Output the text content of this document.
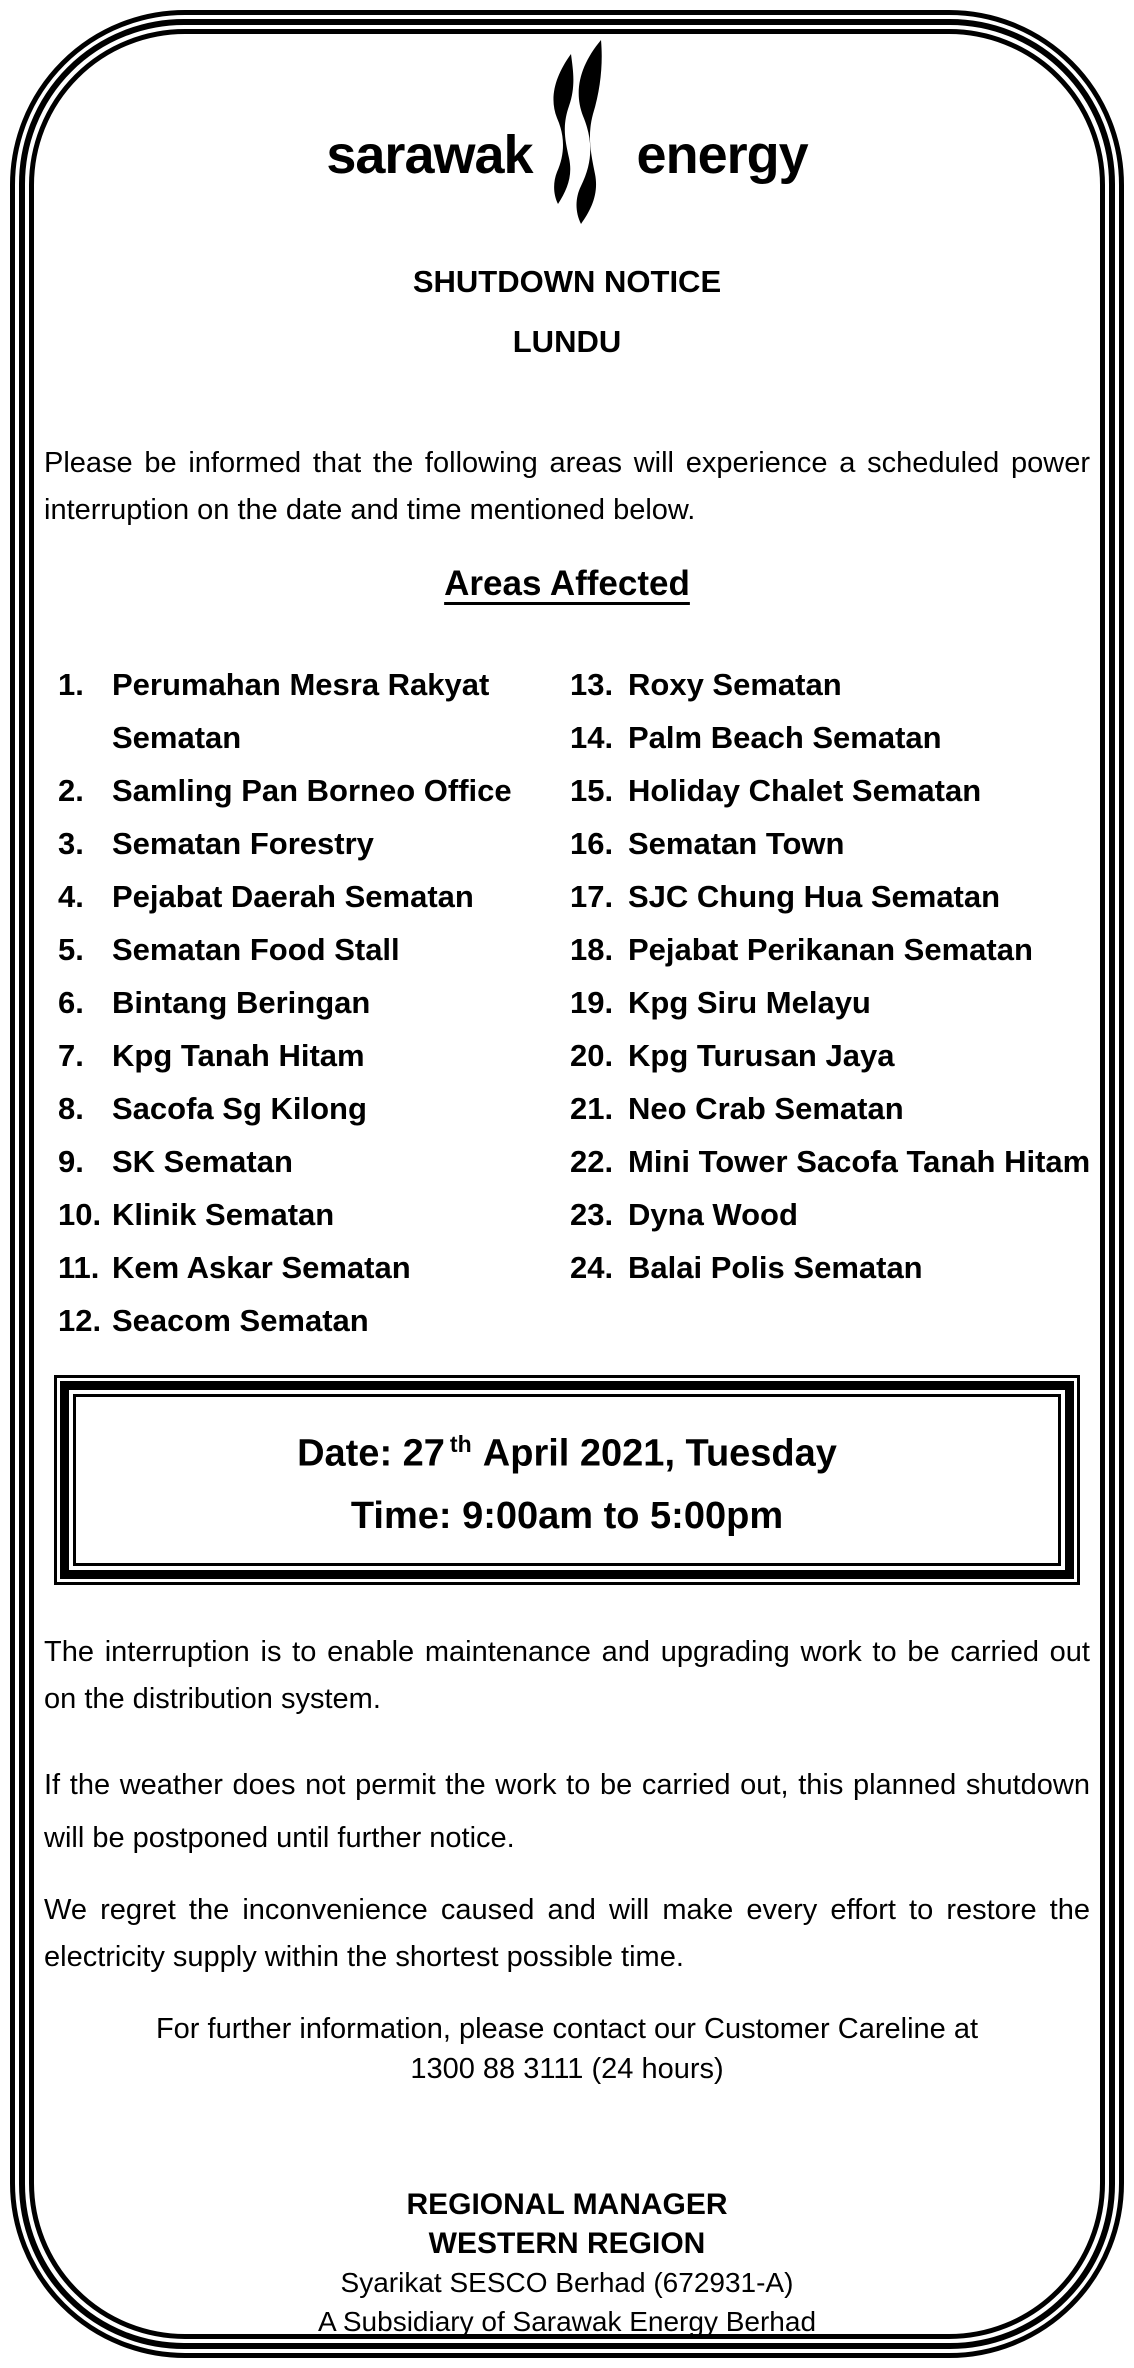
sarawak energy
SHUTDOWN NOTICE
LUNDU

Please be informed that the following areas will experience a scheduled power interruption on the date and time mentioned below.

Areas Affected
1. Perumahan Mesra Rakyat Sematan
2. Samling Pan Borneo Office
3. Sematan Forestry
4. Pejabat Daerah Sematan
5. Sematan Food Stall
6. Bintang Beringan
7. Kpg Tanah Hitam
8. Sacofa Sg Kilong
9. SK Sematan
10. Klinik Sematan
11. Kem Askar Sematan
12. Seacom Sematan
13. Roxy Sematan
14. Palm Beach Sematan
15. Holiday Chalet Sematan
16. Sematan Town
17. SJC Chung Hua Sematan
18. Pejabat Perikanan Sematan
19. Kpg Siru Melayu
20. Kpg Turusan Jaya
21. Neo Crab Sematan
22. Mini Tower Sacofa Tanah Hitam
23. Dyna Wood
24. Balai Polis Sematan
Date: 27 $^{th}$ April 2021, Tuesday
Time: 9:00am to 5:00pm

The interruption is to enable maintenance and upgrading work to be carried out on the distribution system.

If the weather does not permit the work to be carried out, this planned shutdown will be postponed until further notice.

We regret the inconvenience caused and will make every effort to restore the electricity supply within the shortest possible time.

For further information, please contact our Customer Careline at
1300 88 3111 (24 hours)
REGIONAL MANAGER
WESTERN REGION
Syarikat SESCO Berhad (672931-A)
A Subsidiary of Sarawak Energy Berhad
